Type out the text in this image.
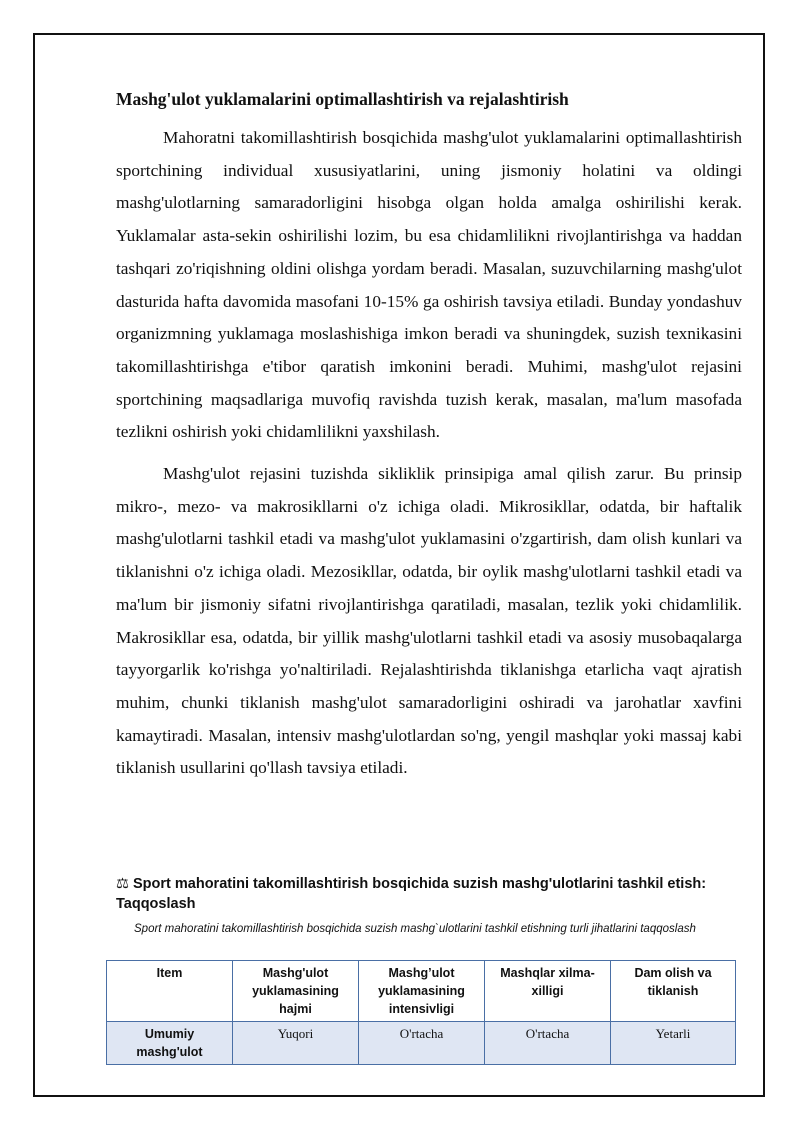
Mashg'ulot yuklamalarini optimallashtirish va rejalashtirish

Mahoratni takomillashtirish bosqichida mashg'ulot yuklamalarini optimallashtirish sportchining individual xususiyatlarini, uning jismoniy holatini va oldingi mashg'ulotlarning samaradorligini hisobga olgan holda amalga oshirilishi kerak. Yuklamalar asta-sekin oshirilishi lozim, bu esa chidamlilikni rivojlantirishga va haddan tashqari zo'riqishning oldini olishga yordam beradi. Masalan, suzuvchilarning mashg'ulot dasturida hafta davomida masofani 10-15% ga oshirish tavsiya etiladi. Bunday yondashuv organizmning yuklamaga moslashishiga imkon beradi va shuningdek, suzish texnikasini takomillashtirishga e'tibor qaratish imkonini beradi. Muhimi, mashg'ulot rejasini sportchining maqsadlariga muvofiq ravishda tuzish kerak, masalan, ma'lum masofada tezlikni oshirish yoki chidamlilikni yaxshilash.

Mashg'ulot rejasini tuzishda sikliklik prinsipiga amal qilish zarur. Bu prinsip mikro-, mezo- va makrosikllarni o'z ichiga oladi. Mikrosikllar, odatda, bir haftalik mashg'ulotlarni tashkil etadi va mashg'ulot yuklamasini o'zgartirish, dam olish kunlari va tiklanishni o'z ichiga oladi. Mezosikllar, odatda, bir oylik mashg'ulotlarni tashkil etadi va ma'lum bir jismoniy sifatni rivojlantirishga qaratiladi, masalan, tezlik yoki chidamlilik. Makrosikllar esa, odatda, bir yillik mashg'ulotlarni tashkil etadi va asosiy musobaqalarga tayyorgarlik ko'rishga yo'naltiriladi. Rejalashtirishda tiklanishga etarlicha vaqt ajratish muhim, chunki tiklanish mashg'ulot samaradorligini oshiradi va jarohatlar xavfini kamaytiradi. Masalan, intensiv mashg'ulotlardan so'ng, yengil mashqlar yoki massaj kabi tiklanish usullarini qo'llash tavsiya etiladi.

⚖ Sport mahoratini takomillashtirish bosqichida suzish mashg'ulotlarini tashkil etish: Taqqoslash
Sport mahoratini takomillashtirish bosqichida suzish mashg`ulotlarini tashkil etishning turli jihatlarini taqqoslash
Item	Mashg'ulot yuklamasining hajmi	Mashg’ulot yuklamasining intensivligi	Mashqlar xilma-xilligi	Dam olish va tiklanish
Umumiy mashg'ulot	Yuqori	O'rtacha	O'rtacha	Yetarli
